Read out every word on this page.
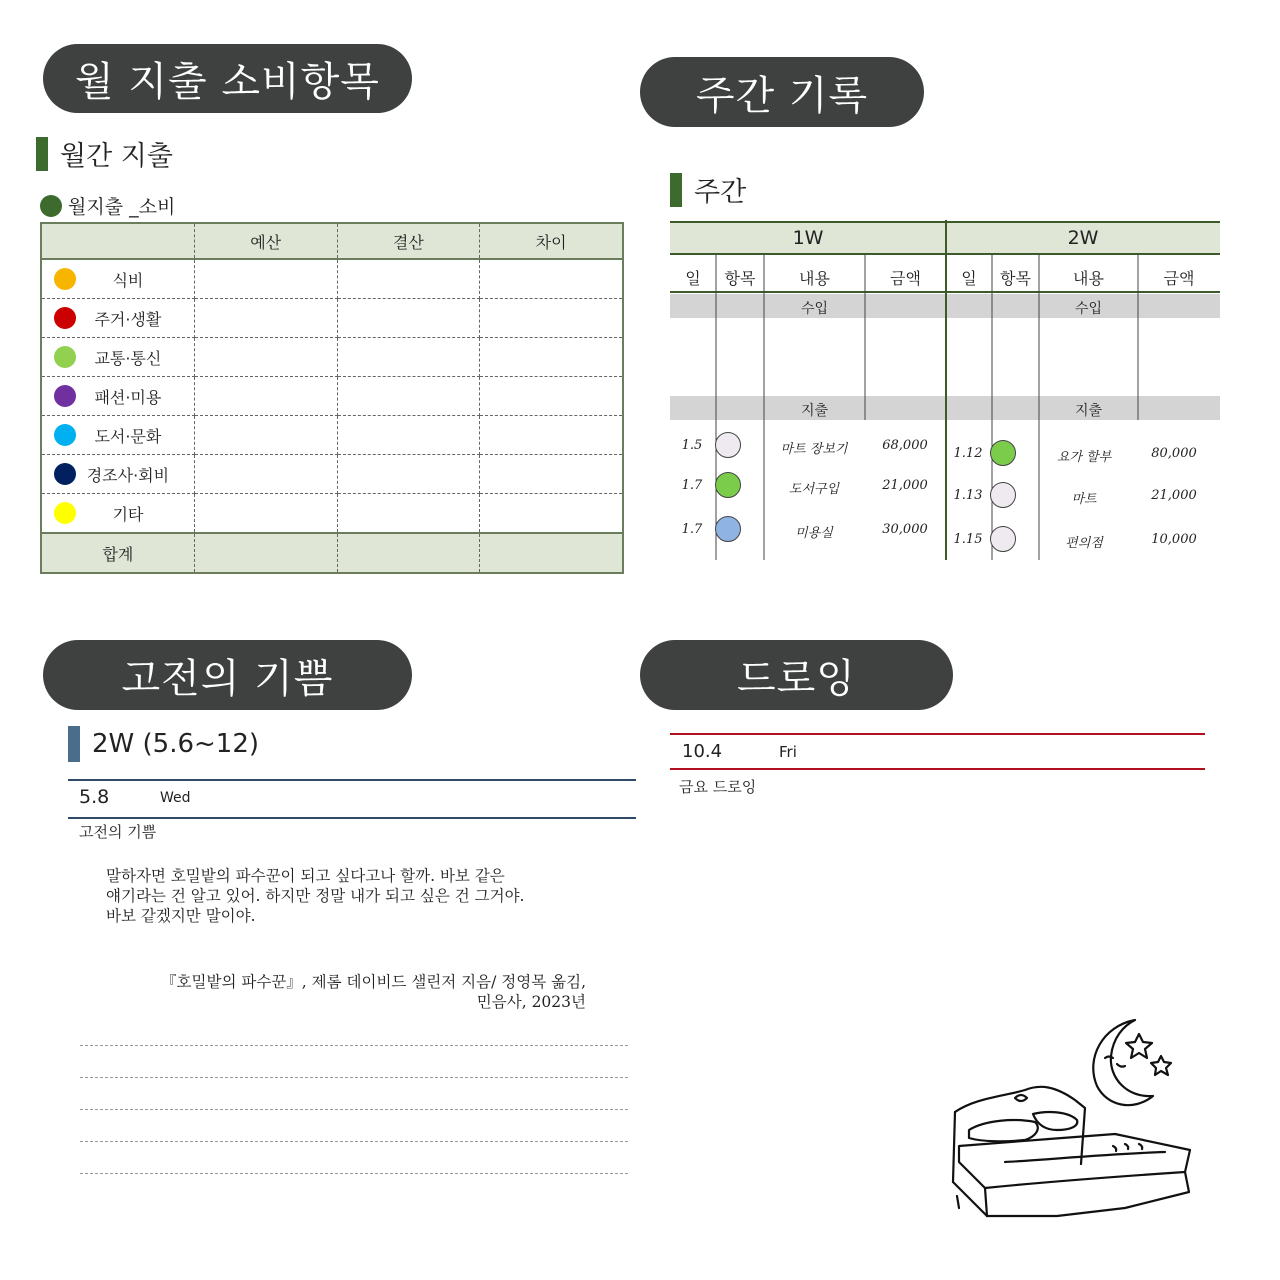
월 지출 소비항목
월간 지출
월지출 _소비
	예산	결산	차이

식비			

주거·생활			

교통·통신			

패션·미용			

도서·문화			

경조사·회비			

기타			

합계			
주간 기록
주간
1W	2W
일	항목	내용	금액	일	항목	내용	금액
수입	수입
지출	지출
1.5	마트 장보기	68,000
1.7	도서구입	21,000
1.7	미용실	30,000
1.12	요가 할부	80,000
1.13	마트	21,000
1.15	편의점	10,000
고전의 기쁨
2W (5.6~12)
5.8	Wed
고전의 기쁨
말하자면 호밀밭의 파수꾼이 되고 싶다고나 할까. 바보 같은
얘기라는 건 알고 있어. 하지만 정말 내가 되고 싶은 건 그거야.
바보 같겠지만 말이야.
『호밀밭의 파수꾼』, 제롬 데이비드 샐린저 지음/ 정영목 옮김,
민음사, 2023년
드로잉
10.4	Fri
금요 드로잉
